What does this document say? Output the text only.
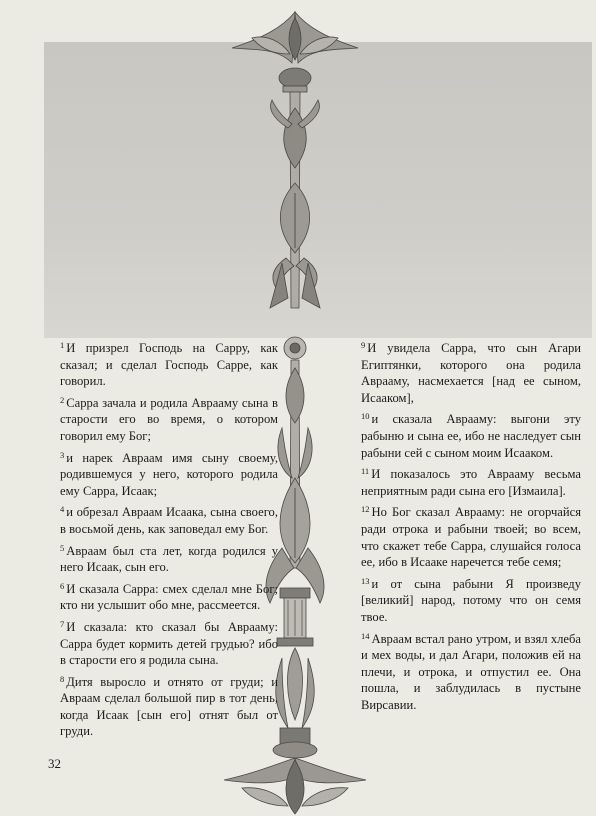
$^1$ И призрел Господь на Сарру, как сказал; и сделал Господь Сарре, как говорил.

$^2$ Сарра зачала и родила Аврааму сына в старости его во время, о котором говорил ему Бог;

$^3$ и нарек Авраам имя сыну своему, родившемуся у него, которого родила ему Сарра, Исаак;

$^4$ и обрезал Авраам Исаака, сына своего, в восьмой день, как заповедал ему Бог.

$^5$ Авраам был ста лет, когда родился у него Исаак, сын его.

$^6$ И сказала Сарра: смех сделал мне Бог; кто ни услышит обо мне, рассмеется.

$^7$ И сказала: кто сказал бы Аврааму: Сарра будет кормить детей грудью? ибо в старости его я родила сына.

$^8$ Дитя выросло и отнято от груди; и Авраам сделал большой пир в тот день, когда Исаак [сын его] отнят был от груди.

$^9$ И увидела Сарра, что сын Агари Египтянки, которого она родила Аврааму, насмехается [над ее сыном, Исааком],

$^{10}$ и сказала Аврааму: выгони эту рабыню и сына ее, ибо не наследует сын рабыни сей с сыном моим Исааком.

$^{11}$ И показалось это Аврааму весьма неприятным ради сына его [Измаила].

$^{12}$ Но Бог сказал Аврааму: не огорчайся ради отрока и рабыни твоей; во всем, что скажет тебе Сарра, слушайся голоса ее, ибо в Исааке наречется тебе семя;

$^{13}$ и от сына рабыни Я произведу [великий] народ, потому что он семя твое.

$^{14}$ Авраам встал рано утром, и взял хлеба и мех воды, и дал Агари, положив ей на плечи, и отрока, и отпустил ее. Она пошла, и заблудилась в пустыне Вирсавии.

32
